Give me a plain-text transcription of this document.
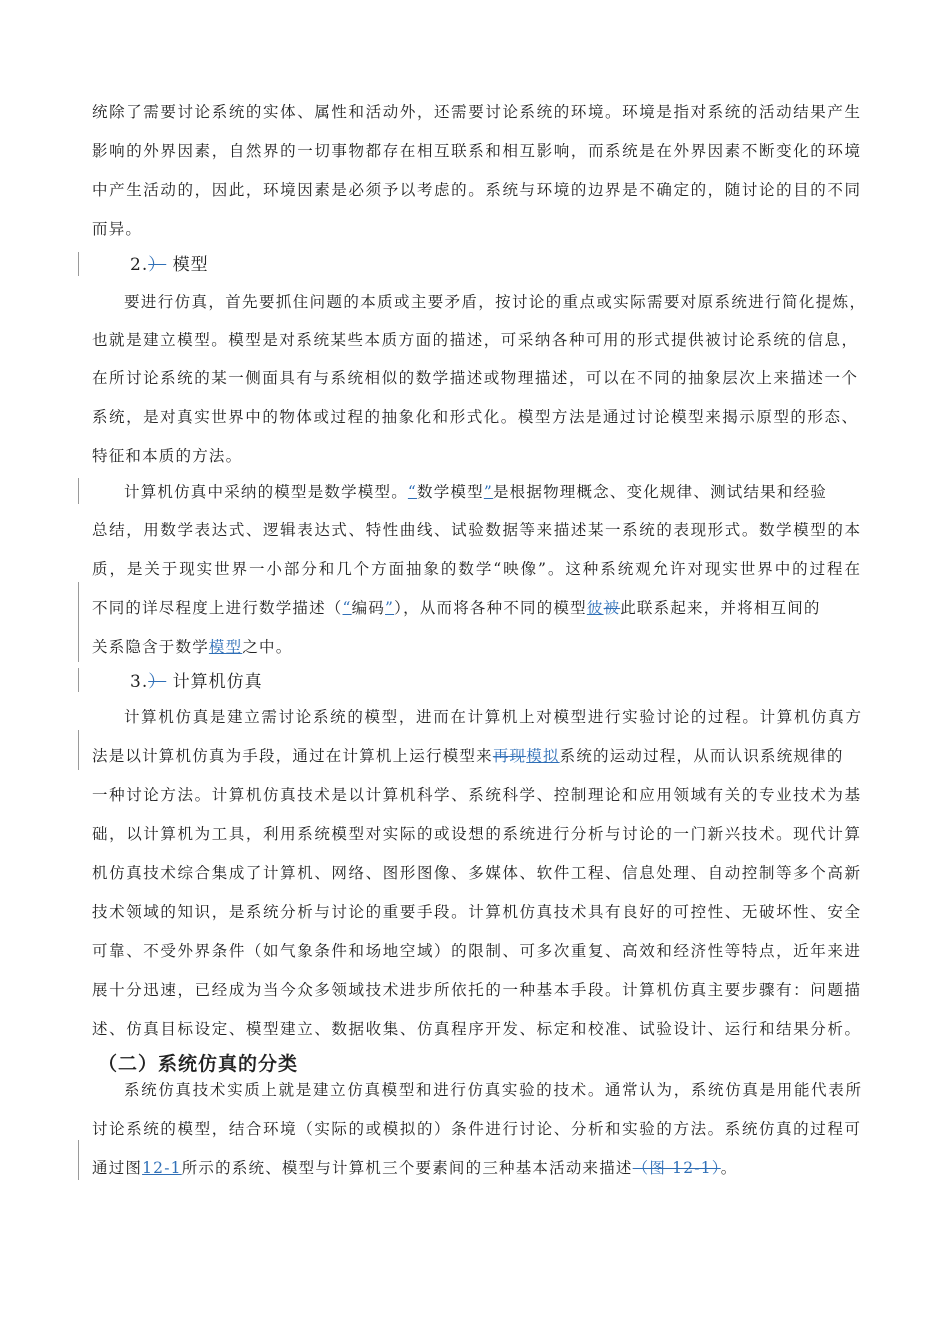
统除了需要讨论系统的实体、属性和活动外，还需要讨论系统的环境。环境是指对系统的活动结果产生
影响的外界因素，自然界的一切事物都存在相互联系和相互影响，而系统是在外界因素不断变化的环境
中产生活动的，因此，环境因素是必须予以考虑的。系统与环境的边界是不确定的，随讨论的目的不同
而异。
2.） 模型
要进行仿真，首先要抓住问题的本质或主要矛盾，按讨论的重点或实际需要对原系统进行简化提炼，
也就是建立模型。模型是对系统某些本质方面的描述，可采纳各种可用的形式提供被讨论系统的信息，
在所讨论系统的某一侧面具有与系统相似的数学描述或物理描述，可以在不同的抽象层次上来描述一个
系统，是对真实世界中的物体或过程的抽象化和形式化。模型方法是通过讨论模型来揭示原型的形态、
特征和本质的方法。
计算机仿真中采纳的模型是数学模型。“数学模型”是根据物理概念、变化规律、测试结果和经验
总结，用数学表达式、逻辑表达式、特性曲线、试验数据等来描述某一系统的表现形式。数学模型的本
质，是关于现实世界一小部分和几个方面抽象的数学“映像”。这种系统观允许对现实世界中的过程在
不同的详尽程度上进行数学描述（“编码”），从而将各种不同的模型彼被此联系起来，并将相互间的
关系隐含于数学模型之中。
3.） 计算机仿真
计算机仿真是建立需讨论系统的模型，进而在计算机上对模型进行实验讨论的过程。计算机仿真方
法是以计算机仿真为手段，通过在计算机上运行模型来再现模拟系统的运动过程，从而认识系统规律的
一种讨论方法。计算机仿真技术是以计算机科学、系统科学、控制理论和应用领域有关的专业技术为基
础，以计算机为工具，利用系统模型对实际的或设想的系统进行分析与讨论的一门新兴技术。现代计算
机仿真技术综合集成了计算机、网络、图形图像、多媒体、软件工程、信息处理、自动控制等多个高新
技术领域的知识，是系统分析与讨论的重要手段。计算机仿真技术具有良好的可控性、无破坏性、安全
可靠、不受外界条件（如气象条件和场地空域）的限制、可多次重复、高效和经济性等特点，近年来进
展十分迅速，已经成为当今众多领域技术进步所依托的一种基本手段。计算机仿真主要步骤有：问题描
述、仿真目标设定、模型建立、数据收集、仿真程序开发、标定和校准、试验设计、运行和结果分析。
（二）系统仿真的分类
系统仿真技术实质上就是建立仿真模型和进行仿真实验的技术。通常认为，系统仿真是用能代表所
讨论系统的模型，结合环境（实际的或模拟的）条件进行讨论、分析和实验的方法。系统仿真的过程可
通过图12-1所示的系统、模型与计算机三个要素间的三种基本活动来描述（图 12-1）。
